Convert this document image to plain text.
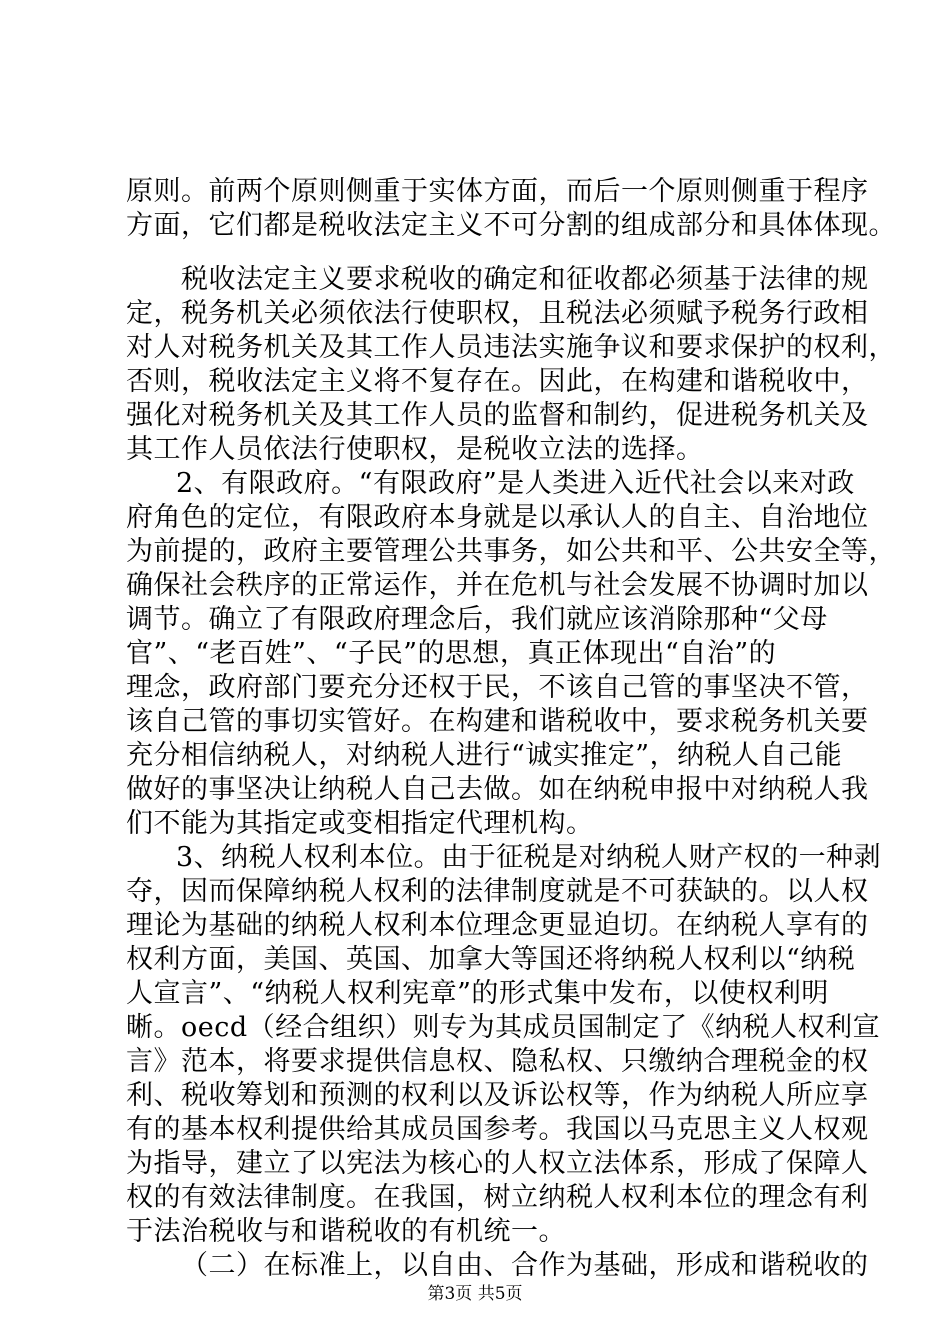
原则。前两个原则侧重于实体方面，而后一个原则侧重于程序
方面，它们都是税收法定主义不可分割的组成部分和具体体现。
税收法定主义要求税收的确定和征收都必须基于法律的规
定，税务机关必须依法行使职权，且税法必须赋予税务行政相
对人对税务机关及其工作人员违法实施争议和要求保护的权利，
否则，税收法定主义将不复存在。因此，在构建和谐税收中，
强化对税务机关及其工作人员的监督和制约，促进税务机关及
其工作人员依法行使职权，是税收立法的选择。
2、有限政府。“有限政府”是人类进入近代社会以来对政
府角色的定位，有限政府本身就是以承认人的自主、自治地位
为前提的，政府主要管理公共事务，如公共和平、公共安全等，
确保社会秩序的正常运作，并在危机与社会发展不协调时加以
调节。确立了有限政府理念后，我们就应该消除那种“父母
官”、“老百姓”、“子民”的思想，真正体现出“自治”的
理念，政府部门要充分还权于民，不该自己管的事坚决不管，
该自己管的事切实管好。在构建和谐税收中，要求税务机关要
充分相信纳税人，对纳税人进行“诚实推定”，纳税人自己能
做好的事坚决让纳税人自己去做。如在纳税申报中对纳税人我
们不能为其指定或变相指定代理机构。
3、纳税人权利本位。由于征税是对纳税人财产权的一种剥
夺，因而保障纳税人权利的法律制度就是不可获缺的。以人权
理论为基础的纳税人权利本位理念更显迫切。在纳税人享有的
权利方面，美国、英国、加拿大等国还将纳税人权利以“纳税
人宣言”、“纳税人权利宪章”的形式集中发布，以使权利明
晰。oecd（经合组织）则专为其成员国制定了《纳税人权利宣
言》范本，将要求提供信息权、隐私权、只缴纳合理税金的权
利、税收筹划和预测的权利以及诉讼权等，作为纳税人所应享
有的基本权利提供给其成员国参考。我国以马克思主义人权观
为指导，建立了以宪法为核心的人权立法体系，形成了保障人
权的有效法律制度。在我国，树立纳税人权利本位的理念有利
于法治税收与和谐税收的有机统一。
（二）在标准上，以自由、合作为基础，形成和谐税收的
第3页 共5页
